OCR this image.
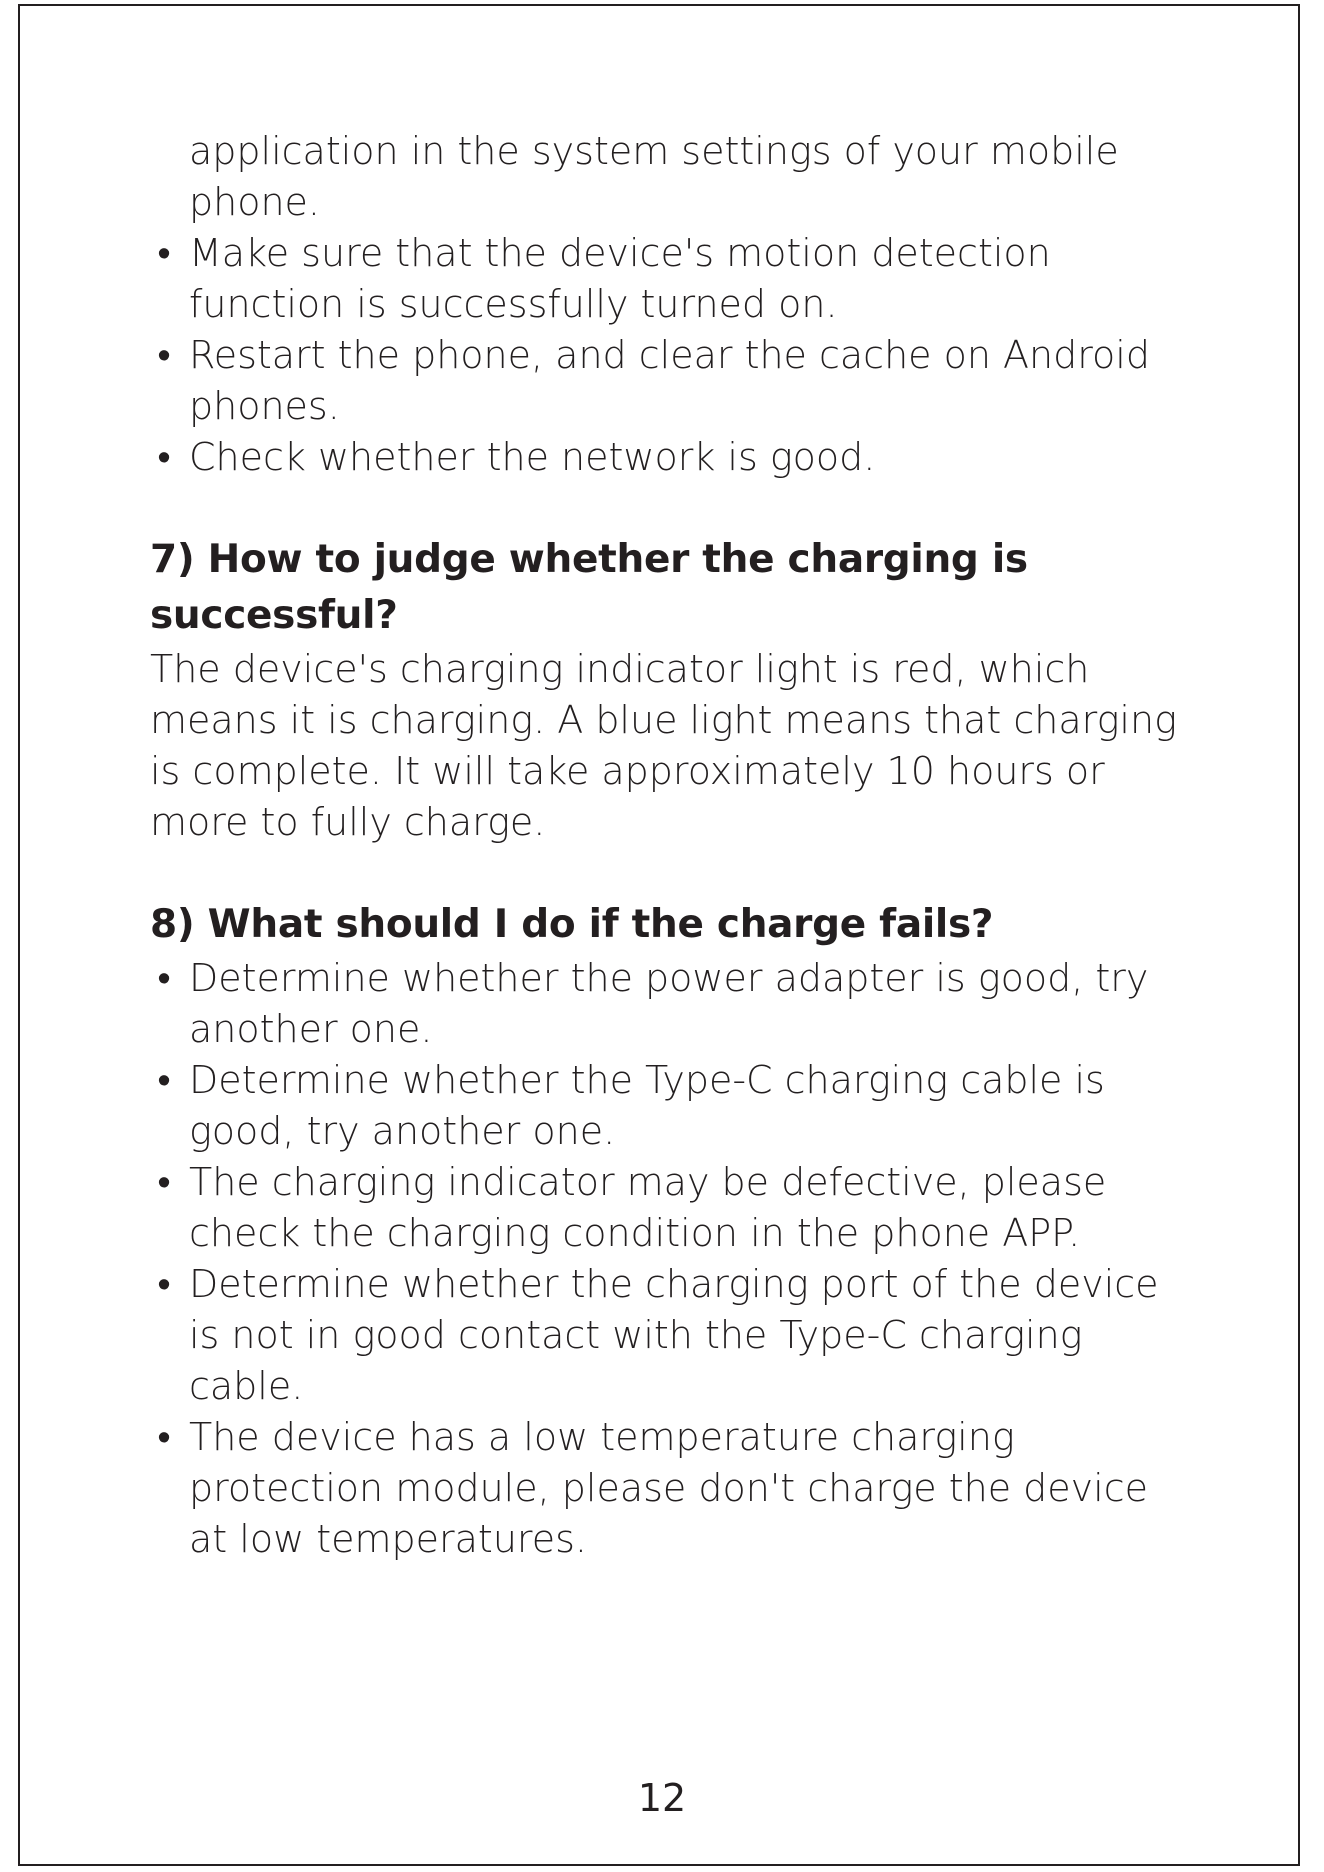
application in the system settings of your mobile phone.
• Make sure that the device's motion detection function is successfully turned on.
• Restart the phone, and clear the cache on Android phones.
• Check whether the network is good.
7) How to judge whether the charging is successful?

The device's charging indicator light is red, which means it is charging. A blue light means that charging is complete. It will take approximately 10 hours or more to fully charge.

8) What should I do if the charge fails?
• Determine whether the power adapter is good, try another one.
• Determine whether the Type-C charging cable is good, try another one.
• The charging indicator may be defective, please check the charging condition in the phone APP.
• Determine whether the charging port of the device is not in good contact with the Type-C charging cable.
• The device has a low temperature charging protection module, please don't charge the device at low temperatures.
12
